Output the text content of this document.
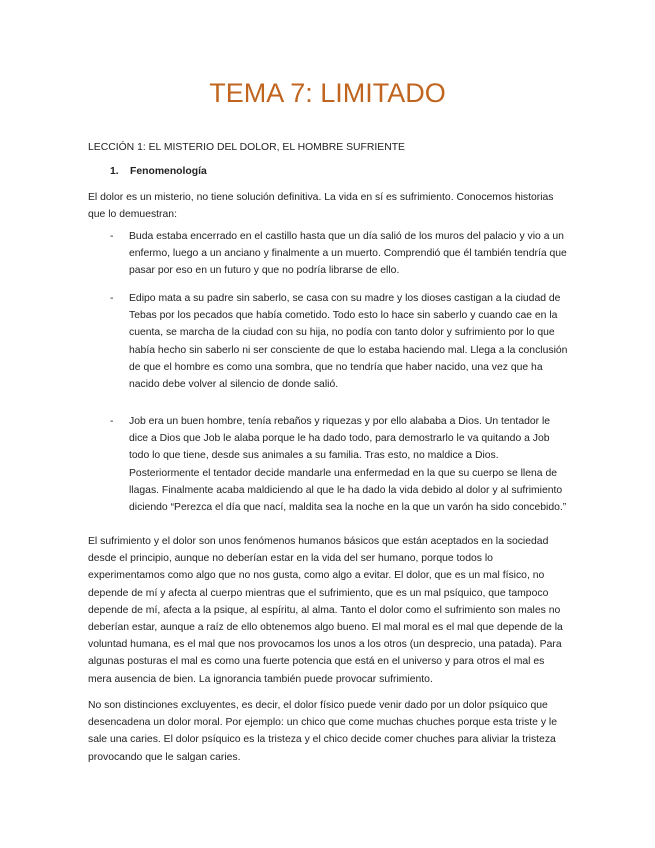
TEMA 7: LIMITADO

LECCIÓN 1: EL MISTERIO DEL DOLOR, EL HOMBRE SUFRIENTE

1. Fenomenología

El dolor es un misterio, no tiene solución definitiva. La vida en sí es sufrimiento. Conocemos historias que lo demuestran:

- Buda estaba encerrado en el castillo hasta que un día salió de los muros del palacio y vio a un enfermo, luego a un anciano y finalmente a un muerto. Comprendió que él también tendría que pasar por eso en un futuro y que no podría librarse de ello.

- Edipo mata a su padre sin saberlo, se casa con su madre y los dioses castigan a la ciudad de Tebas por los pecados que había cometido. Todo esto lo hace sin saberlo y cuando cae en la cuenta, se marcha de la ciudad con su hija, no podía con tanto dolor y sufrimiento por lo que había hecho sin saberlo ni ser consciente de que lo estaba haciendo mal. Llega a la conclusión de que el hombre es como una sombra, que no tendría que haber nacido, una vez que ha nacido debe volver al silencio de donde salió.

- Job era un buen hombre, tenía rebaños y riquezas y por ello alababa a Dios. Un tentador le dice a Dios que Job le alaba porque le ha dado todo, para demostrarlo le va quitando a Job todo lo que tiene, desde sus animales a su familia. Tras esto, no maldice a Dios. Posteriormente el tentador decide mandarle una enfermedad en la que su cuerpo se llena de llagas. Finalmente acaba maldiciendo al que le ha dado la vida debido al dolor y al sufrimiento diciendo “Perezca el día que nací, maldita sea la noche en la que un varón ha sido concebido.”

El sufrimiento y el dolor son unos fenómenos humanos básicos que están aceptados en la sociedad desde el principio, aunque no deberían estar en la vida del ser humano, porque todos lo experimentamos como algo que no nos gusta, como algo a evitar. El dolor, que es un mal físico, no depende de mí y afecta al cuerpo mientras que el sufrimiento, que es un mal psíquico, que tampoco depende de mí, afecta a la psique, al espíritu, al alma. Tanto el dolor como el sufrimiento son males no deberían estar, aunque a raíz de ello obtenemos algo bueno. El mal moral es el mal que depende de la voluntad humana, es el mal que nos provocamos los unos a los otros (un desprecio, una patada). Para algunas posturas el mal es como una fuerte potencia que está en el universo y para otros el mal es mera ausencia de bien. La ignorancia también puede provocar sufrimiento.

No son distinciones excluyentes, es decir, el dolor físico puede venir dado por un dolor psíquico que desencadena un dolor moral. Por ejemplo: un chico que come muchas chuches porque esta triste y le sale una caries. El dolor psíquico es la tristeza y el chico decide comer chuches para aliviar la tristeza provocando que le salgan caries.
